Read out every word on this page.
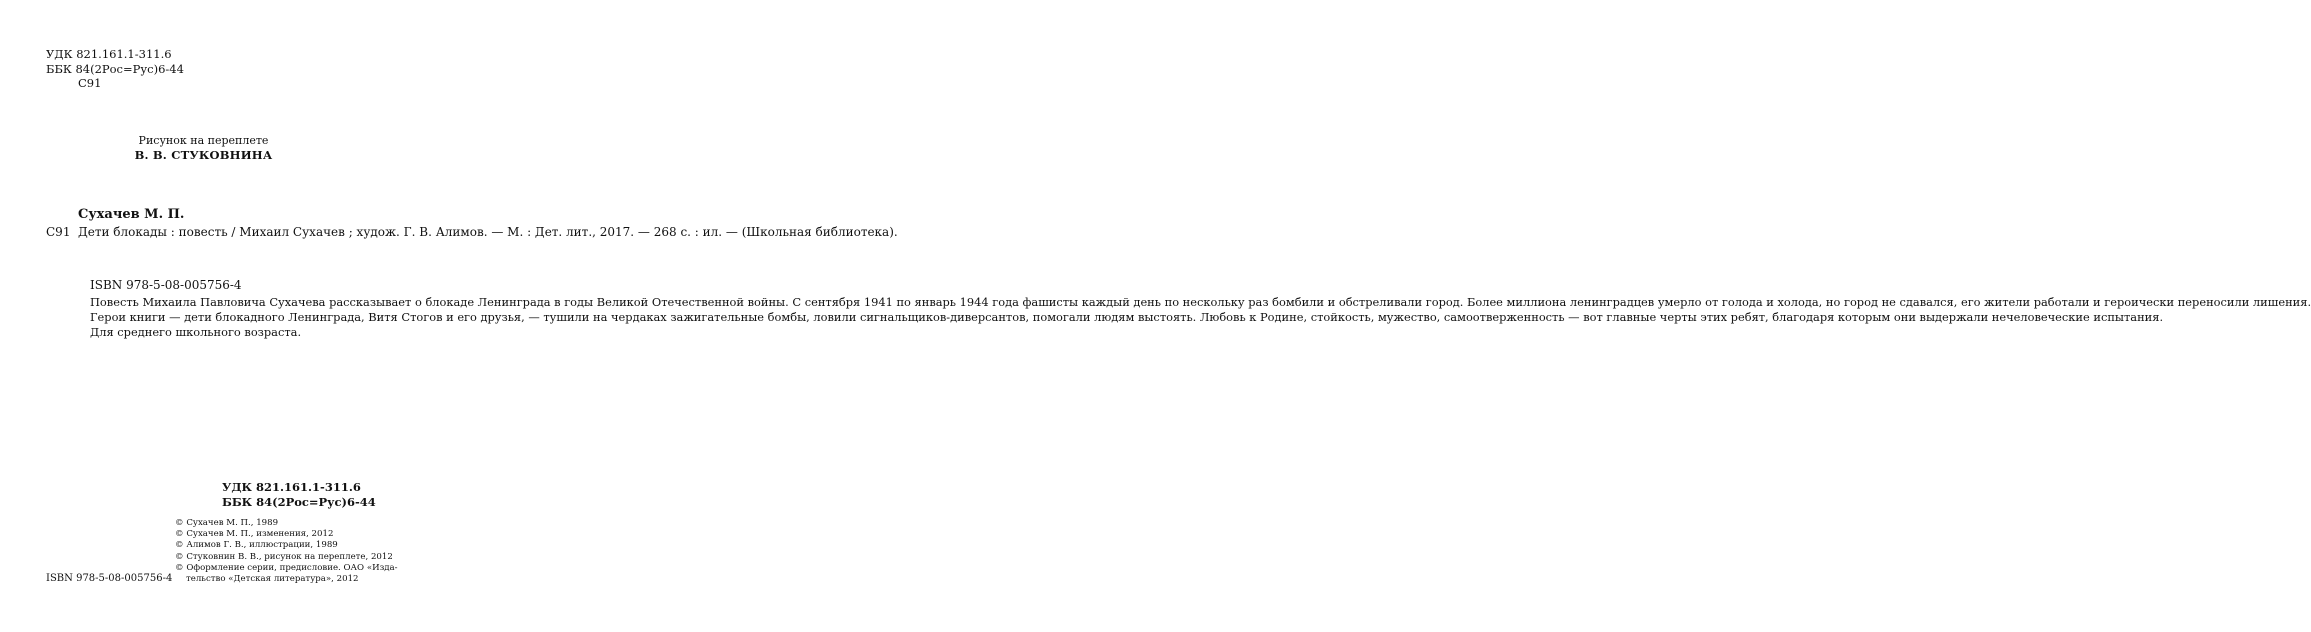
УДК 821.161.1-311.6
ББК 84(2Рос=Рус)6-44
С91
Рисунок на переплете
В. В. СТУКОВНИНА
Сухачев М. П.
С91 Дети блокады : повесть / Михаил Сухачев ; худож. Г. В. Алимов. — М. : Дет. лит., 2017. — 268 с. : ил. — (Школьная библиотека).

ISBN 978-5-08-005756-4

Повесть Михаила Павловича Сухачева рассказывает о блокаде Ленинграда в годы Великой Отечественной войны. С сентября 1941 по январь 1944 года фашисты каждый день по нескольку раз бомбили и обстреливали город. Более миллиона ленинградцев умерло от голода и холода, но город не сдавался, его жители работали и героически переносили лишения.

Герои книги — дети блокадного Ленинграда, Витя Стогов и его друзья, — тушили на чердаках зажигательные бомбы, ловили сигнальщиков-диверсантов, помогали людям выстоять. Любовь к Родине, стойкость, мужество, самоотверженность — вот главные черты этих ребят, благодаря которым они выдержали нечеловеческие испытания.

Для среднего школьного возраста.

УДК 821.161.1-311.6
ББК 84(2Рос=Рус)6-44
© Сухачев М. П., 1989
© Сухачев М. П., изменения, 2012
© Алимов Г. В., иллюстрации, 1989
© Стуковнин В. В., рисунок на переплете, 2012
© Оформление серии, предисловие. ОАО «Изда-
тельство «Детская литература», 2012
ISBN 978-5-08-005756-4
